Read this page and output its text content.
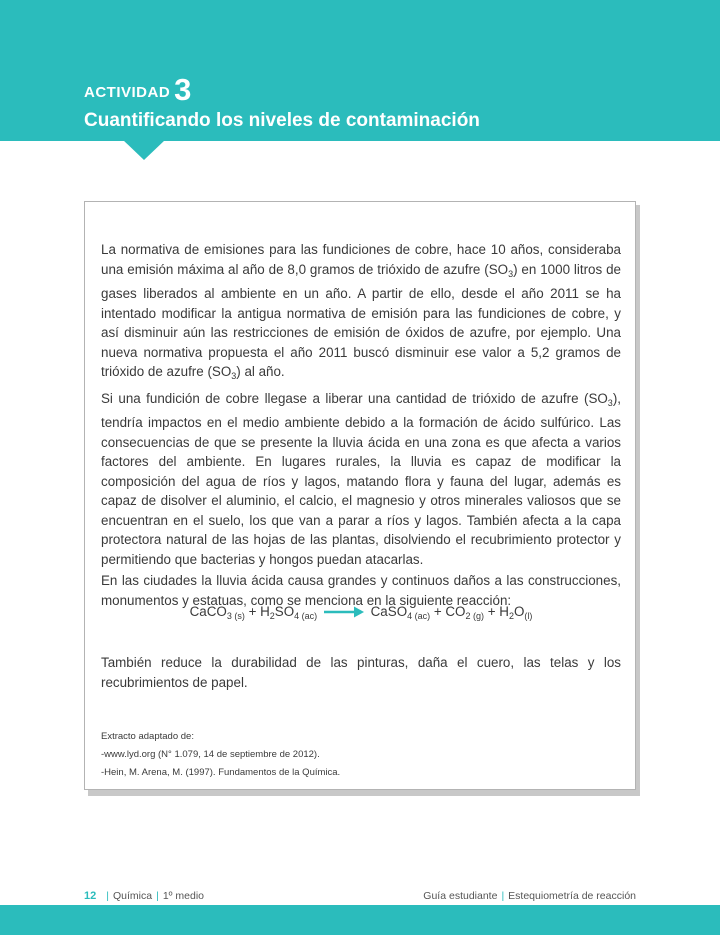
ACTIVIDAD 3
Cuantificando los niveles de contaminación

La normativa de emisiones para las fundiciones de cobre, hace 10 años, consideraba una emisión máxima al año de 8,0 gramos de trióxido de azufre $(SO_3)$ en 1000 litros de gases liberados al ambiente en un año. A partir de ello, desde el año 2011 se ha intentado modificar la antigua normativa de emisión para las fundiciones de cobre, y así disminuir aún las restricciones de emisión de óxidos de azufre, por ejemplo. Una nueva normativa propuesta el año 2011 buscó disminuir ese valor a 5,2 gramos de trióxido de azufre $(SO_3)$ al año.

Si una fundición de cobre llegase a liberar una cantidad de trióxido de azufre $(SO_3)$, tendría impactos en el medio ambiente debido a la formación de ácido sulfúrico. Las consecuencias de que se presente la lluvia ácida en una zona es que afecta a varios factores del ambiente. En lugares rurales, la lluvia es capaz de modificar la composición del agua de ríos y lagos, matando flora y fauna del lugar, además es capaz de disolver el aluminio, el calcio, el magnesio y otros minerales valiosos que se encuentran en el suelo, los que van a parar a ríos y lagos. También afecta a la capa protectora natural de las hojas de las plantas, disolviendo el recubrimiento protector y permitiendo que bacterias y hongos puedan atacarlas.

En las ciudades la lluvia ácida causa grandes y continuos daños a las construcciones, monumentos y estatuas, como se menciona en la siguiente reacción:

CaCO$_{3 (s)}$ + $H_2SO_{4 (ac)}$ → CaSO$_{4 (ac)}$ + $CO_{2 (g)} + H_2O_{(l)}$

También reduce la durabilidad de las pinturas, daña el cuero, las telas y los recubrimientos de papel.

Extracto adaptado de:
-www.lyd.org (N° 1.079, 14 de septiembre de 2012).
-Hein, M. Arena, M. (1997). Fundamentos de la Química.
12 | Química | 1º medio	Guía estudiante | Estequiometría de reacción
